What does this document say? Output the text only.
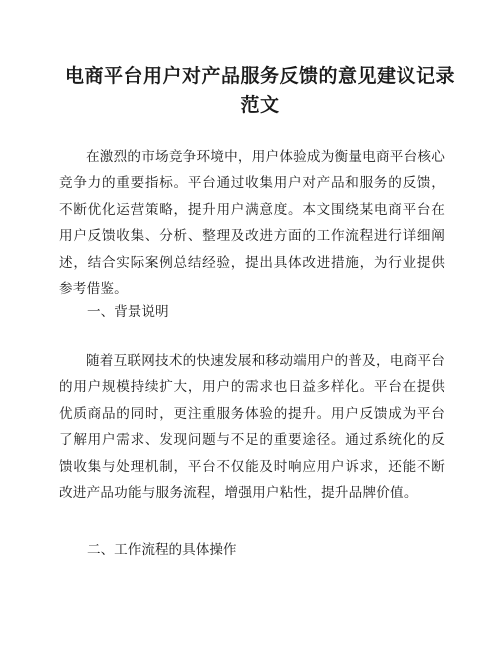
电商平台用户对产品服务反馈的意见建议记录范文

在激烈的市场竞争环境中，用户体验成为衡量电商平台核心竞争力的重要指标。平台通过收集用户对产品和服务的反馈，不断优化运营策略，提升用户满意度。本文围绕某电商平台在用户反馈收集、分析、整理及改进方面的工作流程进行详细阐述，结合实际案例总结经验，提出具体改进措施，为行业提供参考借鉴。

一、背景说明

随着互联网技术的快速发展和移动端用户的普及，电商平台的用户规模持续扩大，用户的需求也日益多样化。平台在提供优质商品的同时，更注重服务体验的提升。用户反馈成为平台了解用户需求、发现问题与不足的重要途径。通过系统化的反馈收集与处理机制，平台不仅能及时响应用户诉求，还能不断改进产品功能与服务流程，增强用户粘性，提升品牌价值。

二、工作流程的具体操作
